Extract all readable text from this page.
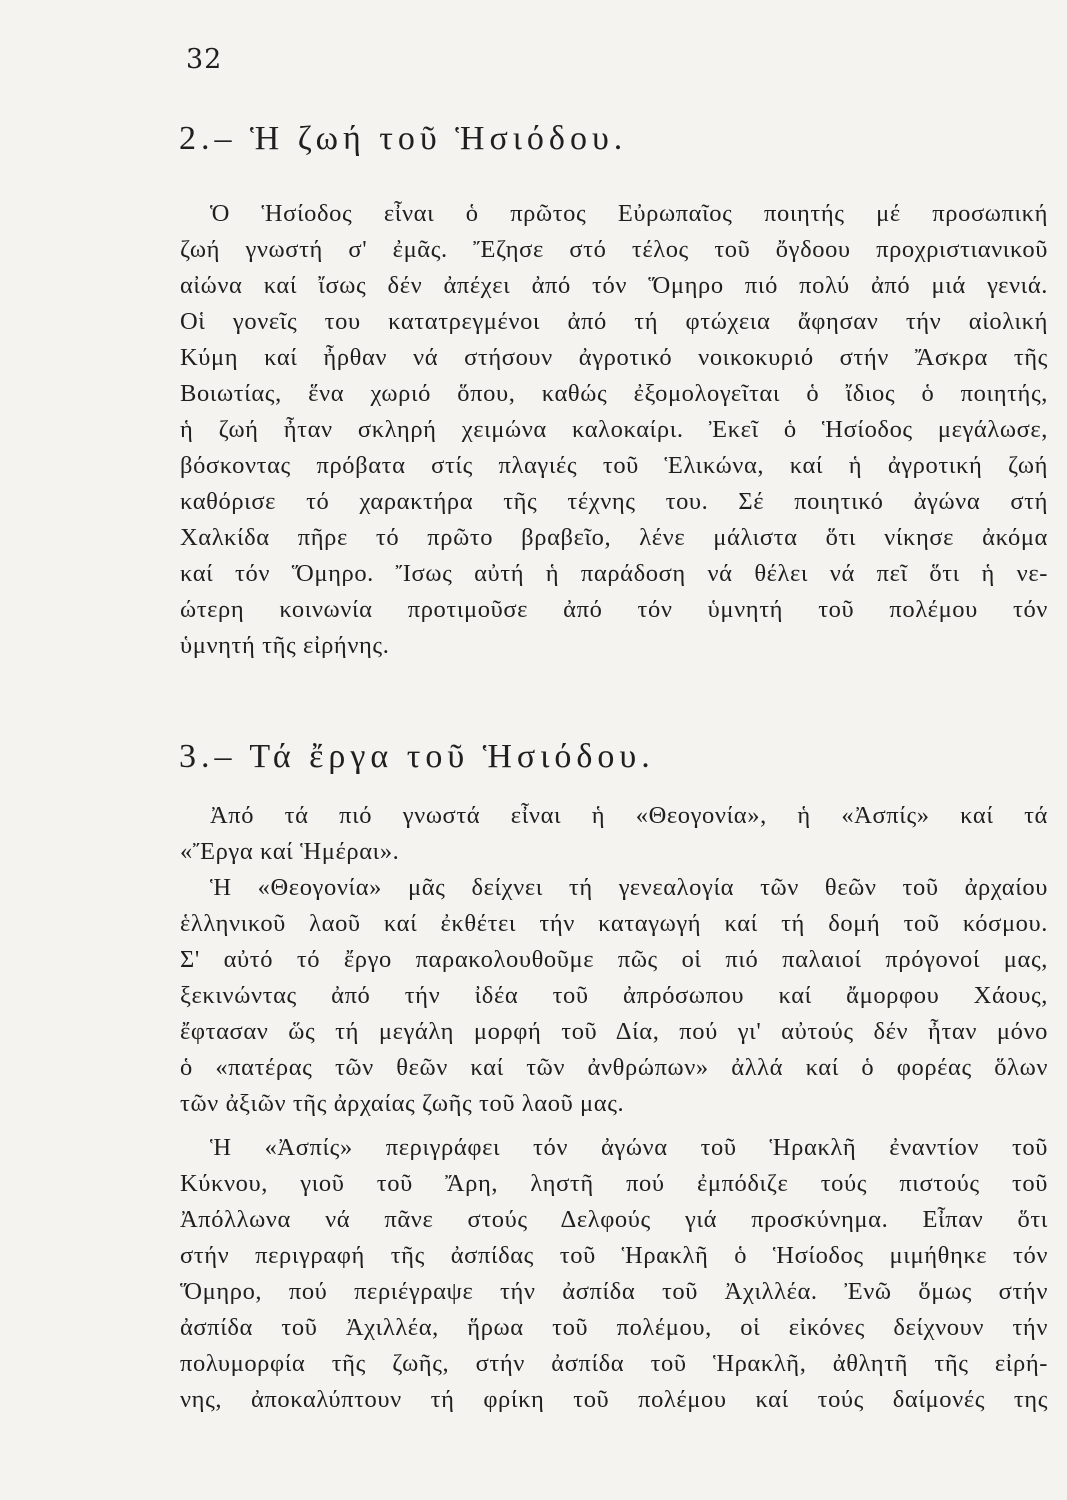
32
2.– Ἡ ζωή τοῦ Ἡσιόδου.
Ὁ Ἡσίοδος εἶναι ὁ πρῶτος Εὐρωπαῖος ποιητής μέ προσωπική
ζωή γνωστή σ' ἐμᾶς. Ἔζησε στό τέλος τοῦ ὄγδοου προχριστιανικοῦ
αἰώνα καί ἴσως δέν ἀπέχει ἀπό τόν Ὅμηρο πιό πολύ ἀπό μιά γενιά.
Οἱ γονεῖς του κατατρεγμένοι ἀπό τή φτώχεια ἄφησαν τήν αἰολική
Κύμη καί ἦρθαν νά στήσουν ἀγροτικό νοικοκυριό στήν Ἄσκρα τῆς
Βοιωτίας, ἕνα χωριό ὅπου, καθώς ἐξομολογεῖται ὁ ἴδιος ὁ ποιητής,
ἡ ζωή ἦταν σκληρή χειμώνα καλοκαίρι. Ἐκεῖ ὁ Ἡσίοδος μεγάλωσε,
βόσκοντας πρόβατα στίς πλαγιές τοῦ Ἑλικώνα, καί ἡ ἀγροτική ζωή
καθόρισε τό χαρακτήρα τῆς τέχνης του. Σέ ποιητικό ἀγώνα στή
Χαλκίδα πῆρε τό πρῶτο βραβεῖο, λένε μάλιστα ὅτι νίκησε ἀκόμα
καί τόν Ὅμηρο. Ἴσως αὐτή ἡ παράδοση νά θέλει νά πεῖ ὅτι ἡ νε-
ώτερη κοινωνία προτιμοῦσε ἀπό τόν ὑμνητή τοῦ πολέμου τόν
ὑμνητή τῆς εἰρήνης.
3.– Τά ἔργα τοῦ Ἡσιόδου.
Ἀπό τά πιό γνωστά εἶναι ἡ «Θεογονία», ἡ «Ἀσπίς» καί τά
«Ἔργα καί Ἡμέραι».
Ἡ «Θεογονία» μᾶς δείχνει τή γενεαλογία τῶν θεῶν τοῦ ἀρχαίου
ἑλληνικοῦ λαοῦ καί ἐκθέτει τήν καταγωγή καί τή δομή τοῦ κόσμου.
Σ' αὐτό τό ἔργο παρακολουθοῦμε πῶς οἱ πιό παλαιοί πρόγονοί μας,
ξεκινώντας ἀπό τήν ἰδέα τοῦ ἀπρόσωπου καί ἄμορφου Χάους,
ἔφτασαν ὥς τή μεγάλη μορφή τοῦ Δία, πού γι' αὐτούς δέν ἦταν μόνο
ὁ «πατέρας τῶν θεῶν καί τῶν ἀνθρώπων» ἀλλά καί ὁ φορέας ὅλων
τῶν ἀξιῶν τῆς ἀρχαίας ζωῆς τοῦ λαοῦ μας.
Ἡ «Ἀσπίς» περιγράφει τόν ἀγώνα τοῦ Ἡρακλῆ ἐναντίον τοῦ
Κύκνου, γιοῦ τοῦ Ἄρη, ληστῆ πού ἐμπόδιζε τούς πιστούς τοῦ
Ἀπόλλωνα νά πᾶνε στούς Δελφούς γιά προσκύνημα. Εἶπαν ὅτι
στήν περιγραφή τῆς ἀσπίδας τοῦ Ἡρακλῆ ὁ Ἡσίοδος μιμήθηκε τόν
Ὅμηρο, πού περιέγραψε τήν ἀσπίδα τοῦ Ἀχιλλέα. Ἐνῶ ὅμως στήν
ἀσπίδα τοῦ Ἀχιλλέα, ἥρωα τοῦ πολέμου, οἱ εἰκόνες δείχνουν τήν
πολυμορφία τῆς ζωῆς, στήν ἀσπίδα τοῦ Ἡρακλῆ, ἀθλητῆ τῆς εἰρή-
νης, ἀποκαλύπτουν τή φρίκη τοῦ πολέμου καί τούς δαίμονές της
